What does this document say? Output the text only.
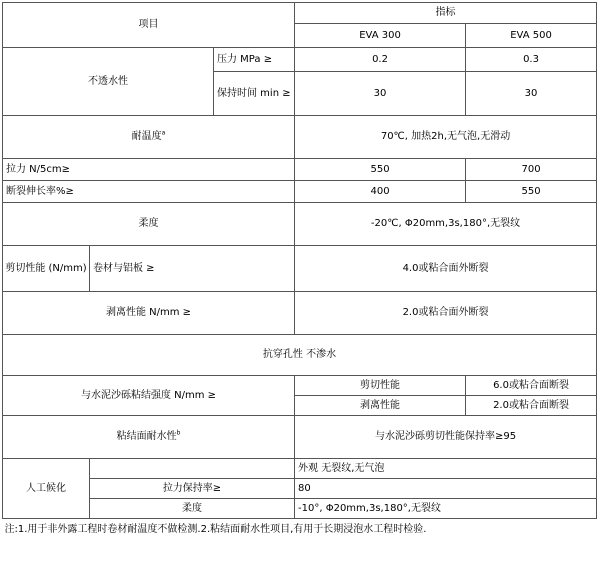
项目			指标	
			EVA 300	EVA 500
不透水性		压力 MPa ≥	0.2	0.3
		保持时间 min ≥	30	30
耐温度$^a$			70℃, 加热2h,无气泡,无滑动	
拉力 N/5cm≥			550	700
断裂伸长率%≥			400	550
柔度			-20℃, Φ20mm,3s,180°,无裂纹	
剪切性能 (N/mm)	卷材与铝板 ≥		4.0或粘合面外断裂	
剥离性能 N/mm ≥			2.0或粘合面外断裂	
抗穿孔性 不渗水				
与水泥沙砾粘结强度 N/mm ≥			剪切性能	6.0或粘合面断裂
			剥离性能	2.0或粘合面断裂
粘结面耐水性$^b$			与水泥沙砾剪切性能保持率≥95	
人工候化			外观 无裂纹,无气泡	
	拉力保持率≥		80	
	柔度		-10°, Φ20mm,3s,180°,无裂纹	
注:1.用于非外露工程时卷材耐温度不做检测.2.粘结面耐水性项目,有用于长期浸泡水工程时检验.				
